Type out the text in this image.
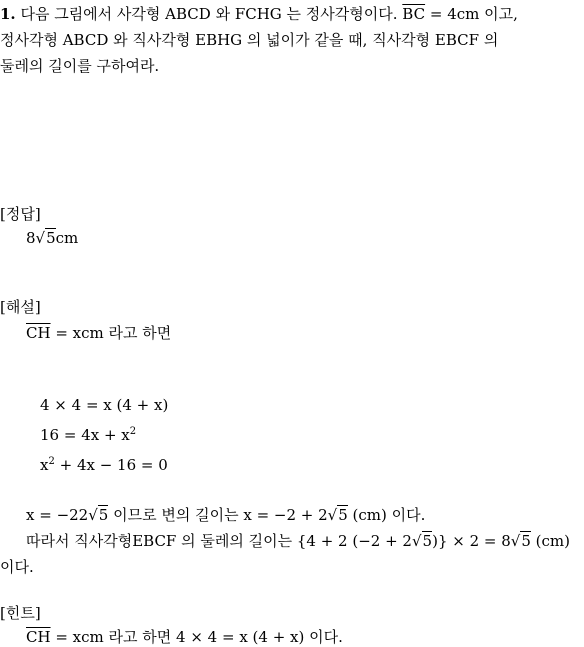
1. 다음 그림에서 사각형 ABCD 와 FCHG 는 정사각형이다. $\overline{BC} = 4cm$ 이고,
정사각형 ABCD 와 직사각형 EBHG 의 넓이가 같을 때, 직사각형 EBCF 의
둘레의 길이를 구하여라.
[정답]
8√5cm
[해설]
$\overline{CH}$ = xcm 라고 하면
4 × 4 = x (4 + x)
$16 = 4x + x^2$
$x^2 + 4x - 16 = 0$
x = −22√5 이므로 변의 길이는 x = −2 + 2√5 (cm) 이다.
따라서 직사각형EBCF 의 둘레의 길이는 {4 + 2 (−2 + 2√5)} × 2 = 8√5 (cm)
이다.
[힌트]
$\overline{CH}$ = xcm 라고 하면 4 × 4 = x (4 + x) 이다.
